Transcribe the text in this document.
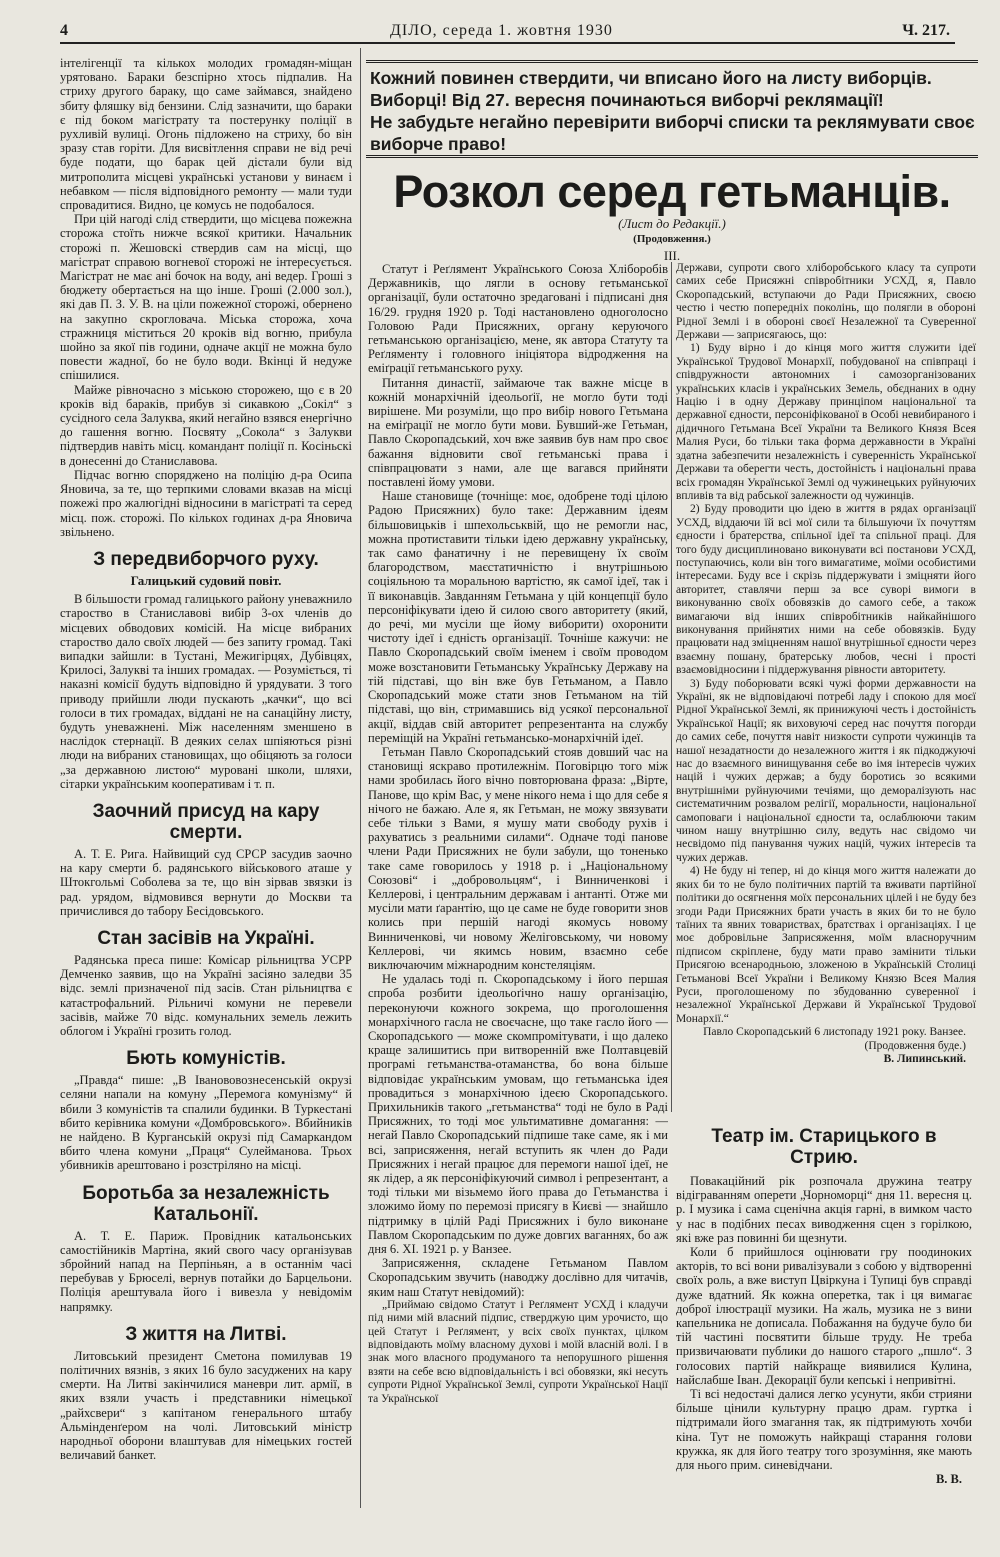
4	ДІЛО, середа 1. жовтня 1930	Ч. 217.

інтелігенції та кількох молодих громадян-міщан урятовано. Бараки безспірно хтось підпалив. На стриху другого бараку, що саме займався, знайдено збиту фляшку від бензини. Слід зазначити, що бараки є під боком магістрату та постерунку поліції в рухливій вулиці. Огонь підложено на стриху, бо він зразу став горіти. Для висвітлення справи не від речі буде подати, що барак цей дістали були від митрополита місцеві українські установи у винаєм і небавком — після відповідного ремонту — мали туди спровадитися. Видно, це комусь не подобалося.

При цій нагоді слід ствердити, що місцева пожежна сторожа стоїть нижче всякої критики. Начальник сторожі п. Жешовскі ствердив сам на місці, що магістрат справою вогневої сторожі не інтересується. Магістрат не має ані бочок на воду, ані ведер. Гроші з бюджету обертається на що інше. Гроші (2.000 зол.), які дав П. З. У. В. на ціли пожежної сторожі, обернено на закупно скрогловача. Міська сторожа, хоча стражниця міститься 20 кроків від вогню, прибула шойно за якої пів години, одначе акції не можна було повести жадної, бо не було води. Вкінці й недуже спішилися.

Майже рівночасно з міською сторожею, що є в 20 кроків від бараків, прибув зі сикавкою „Сокіл“ з сусідного села Залуква, який негайно взявся енергічно до гашення вогню. Посвяту „Сокола“ з Залукви підтвердив навіть місц. командант поліції п. Косіньскі в донесенні до Станиславова.

Підчас вогню споряджено на поліцію д-ра Осипа Яновича, за те, що терпкими словами вказав на місці пожежі про жалюгідні відносини в магістраті та серед місц. пож. сторожі. По кількох годинах д-ра Яновича звільнено.

З передвиборчого руху.
Галицький судовий повіт.

В більшости громад галицького району уневажнило староство в Станиславові вибір 3-ох членів до місцевих обводових комісій. На місце вибраних староство дало своїх людей — без запиту громад. Такі випадки зайшли: в Тустані, Межигірцях, Дубівцях, Крилосі, Залукві та інших громадах. — Розуміється, ті наказні комісії будуть відповідно й урядувати. З того приводу прийшли люди пускають „качки“, що всі голоси в тих громадах, віддані не на санаційну листу, будуть уневажнені. Між населенням зменшено в наслідок стернації. В деяких селах шпіяються різні люди на вибраних становищах, що обіцяють за голоси „за державною листою“ муровані школи, шляхи, сітарки українським кооперативам і т. п.

Заочний присуд на кару смерти.

А. Т. Е. Рига. Найвищий суд СРСР засудив заочно на кару смерти б. радянського військового аташе у Штокгольмі Соболева за те, що він зірвав звязки із рад. урядом, відмовився вернути до Москви та причислився до табору Бесідовського.

Стан засівів на Україні.

Радянська преса пише: Комісар рільництва УСРР Демченко заявив, що на Україні засіяно заледви 35 відс. землі призначеної під засів. Стан рільництва є катастрофальний. Рільничі комуни не перевели засівів, майже 70 відс. комунальних земель лежить облогом і Україні грозить голод.

Бють комуністів.

„Правда“ пише: „В Іванововознесенській окрузі селяни напали на комуну „Перемога комунізму“ й вбили 3 комуністів та спалили будинки. В Туркестані вбито керівника комуни «Домбровського». Вбийників не найдено. В Курганській окрузі під Самаркандом вбито члена комуни „Праця“ Сулейманова. Трьох убивників арештовано і розстріляно на місці.

Боротьба за незалежність Катальонії.

А. Т. Е. Париж. Провідник катальонських самостійників Мартіна, який свого часу організував збройний напад на Перпіньян, а в останнім часі перебував у Брюселі, вернув потайки до Барцельони. Поліція арештувала його і вивезла у невідомім напрямку.

З життя на Литві.

Литовський президент Сметона помилував 19 політичних вязнів, з яких 16 було засуджених на кару смерти. На Литві закінчилися маневри лит. армії, в яких взяли участь і представники німецької „райхсвери“ з капітаном генерального штабу Альмінденґером на чолі. Литовський міністр народньої оборони влаштував для німецьких гостей величавий банкет.

Кожний повинен ствердити, чи вписано його на листу виборців.
Виборці! Від 27. вересня починаються виборчі реклямації!
Не забудьте негайно перевірити виборчі списки та реклямувати своє виборче право!
Розкол серед гетьманців.
(Лист до Редакції.)
(Продовження.)
III.

Статут і Реґлямент Українського Союза Хліборобів Державників, що лягли в основу гетьманської організації, були остаточно зредаговані і підписані дня 16/29. грудня 1920 р. Тоді настановлено одноголосно Головою Ради Присяжних, органу керуючого гетьманською організацією, мене, як автора Статуту та Реґляменту і головного ініціятора відродження на еміґрації гетьманського руху.

Питання династії, займаюче так важне місце в кожній монархічній ідеольоґії, не могло бути тоді вирішене. Ми розуміли, що про вибір нового Гетьмана на еміґрації не могло бути мови. Бувший-же Гетьман, Павло Скоропадський, хоч вже заявив був нам про своє бажання відновити свої гетьманські права і співпрацювати з нами, але ще вагався прийняти поставлені йому умови.

Наше становище (точніще: моє, одобрене тоді цілою Радою Присяжних) було таке: Державним ідеям більшовицьків і шпехольськвій, що не ремогли нас, можна протиставити тільки ідею державну українську, так само фанатичну і не перевищену їх своїм благородством, маєстатичністю і внутрішньою соціяльною та моральною вартістю, як самої ідеї, так і її виконавців. Завданням Гетьмана у цій концепції було персоніфікувати ідею й силою свого авторитету (який, до речі, ми мусіли ще йому виборити) охоронити чистоту ідеї і єдність організації. Точніше кажучи: не Павло Скоропадський своїм іменем і своїм проводом може возстановити Гетьманську Українську Державу на тій підставі, що він вже був Гетьманом, а Павло Скоропадський може стати знов Гетьманом на тій підставі, що він, стримавшись від усякої персональної акції, віддав свій авторитет репрезентанта на службу переміщій на Україні гетьмансько-монархічній ідеї.

Гетьман Павло Скоропадський стояв довший час на становищі яскраво протилежнім. Поговірцю того між нами зробилась його вічно повторювана фраза: „Вірте, Панове, що крім Вас, у мене нікого нема і що для себе я нічого не бажаю. Але я, як Гетьман, не можу звязувати себе тільки з Вами, я мушу мати свободу рухів і рахуватись з реальними силами“. Одначе тоді панове члени Ради Присяжних не були забули, що тоненько таке саме говорилось у 1918 р. і „Національному Союзові“ і „добровольцям“, і Винниченкові і Келлерові, і центральним державам і антанті. Отже ми мусіли мати ґарантію, що це саме не буде говорити знов колись при першій нагоді якомусь новому Винниченкові, чи новому Желіговському, чи новому Келлерові, чи якимсь новим, взаємно себе виключаючим міжнародним констеляціям.

Не удалась тоді п. Скоропадському і його першая спроба розбити ідеольоґічно нашу організацію, переконуючи кожного зокрема, що проголошення монархічного гасла не своєчасне, що таке гасло його — Скоропадського — може скомпромітувати, і що далеко краще залишитись при витворенній вже Полтавцевій програмі гетьманства-отаманства, бо вона більше відповідає українським умовам, що гетьманська ідея провадиться з монархічною ідеєю Скоропадського. Прихильників такого „гетьманства“ тоді не було в Раді Присяжних, то тоді моє ультимативне домагання: — негай Павло Скоропадський підпише таке саме, як і ми всі, заприсяження, негай вступить як член до Ради Присяжних і негай працює для перемоги нашої ідеї, не як лідер, а як персоніфікуючий символ і репрезентант, а тоді тільки ми візьмемо його права до Гетьманства і зложимо йому по перемозі присягу в Києві — знайшло підтримку в цілій Раді Присяжних і було виконане Павлом Скоропадським по дуже довгих ваганнях, бо аж дня 6. XI. 1921 р. у Ванзее.

Заприсяження, складене Гетьманом Павлом Скоропадським звучить (наводжу дослівно для читачів, яким наш Статут невідомий):

„Приймаю свідомо Статут і Реґлямент УСХД і кладучи під ними мій власний підпис, стверджую цим урочисто, що цей Статут і Реґлямент, у всіх своїх пунктах, цілком відповідають моїму власному духові і моїй власній волі. І в знак мого власного продуманого та непорушного рішення взяти на себе всю відповідальність і всі обовязки, які несуть супроти Рідної Української Землі, супроти Української Нації та Української

Держави, супроти свого хліборобського класу та супроти самих себе Присяжні співробітники УСХД, я, Павло Скоропадський, вступаючи до Ради Присяжних, своєю честю і честю попередніх поколінь, що полягли в обороні Рідної Землі і в обороні своєї Незалежної та Суверенної Держави — заприсягаюсь, що:

1) Буду вірно і до кінця мого життя служити ідеї Української Трудової Монархії, побудованої на співпраці і співдружности автономних і самозорганізованих українських класів і українських Земель, обєднаних в одну Націю і в одну Державу принціпом національної та державної єдности, персоніфікованої в Особі невибираного і дідичного Гетьмана Всеї України та Великого Князя Всея Малия Руси, бо тільки така форма державности в Україні здатна забезпечити незалежність і суверенність Української Держави та оберегти честь, достойність і національні права всіх громадян Української Землі од чужинецьких руйнуючих впливів та від рабської залежности од чужинців.
2) Буду проводити цю ідею в життя в рядах організації УСХД, віддаючи їй всі мої сили та більшуючи їх почуттям єдности і братерства, спільної ідеї та спільної праці. Для того буду дисциплиновано виконувати всі постанови УСХД, поступаючись, коли він того вимагатиме, моїми особистими інтересами. Буду все і скрізь піддержувати і зміцняти його авторитет, ставлячи перш за все суворі вимоги в виконуванню своїх обовязків до самого себе, а також вимагаючи від інших співробітників найкайнішого виконування прийнятих ними на себе обовязків. Буду працювати над зміцненням нашої внутрішньої єдности через взаємну пошану, братерську любов, чесні і прості взаємовідносини і піддержування рівности авторитету.
3) Буду поборювати всякі чужі форми державности на Україні, як не відповідаючі потребі ладу і спокою для моєї Рідної Української Землі, як принижуючі честь і достойність Української Нації; як виховуючі серед нас почуття погорди до самих себе, почуття навіт низкости супроти чужинців та нашої незадатности до незалежного життя і як підкоджуючі нас до взаємного винищування себе во імя інтересів чужих націй і чужих держав; а буду боротись зо всякими внутрішніми руйнуючими течіями, що деморалізують нас систематичним розвалом релігії, моральности, національної самоповаги і національної єдности та, ослаблюючи таким чином нашу внутрішню силу, ведуть нас свідомо чи несвідомо під панування чужих націй, чужих інтересів та чужих держав.
4) Не буду ні тепер, ні до кінця мого життя належати до яких би то не було політичних партій та вживати партійної політики до осягнення моїх персональних цілей і не буду без згоди Ради Присяжних брати участь в яких би то не було таїних та явних товариствах, братствах і організаціях. І це моє добровільне Заприсяження, моїм власноручним підписом скріплене, буду мати право замінити тільки Присягою всенародньою, зложеною в Українській Столиці Гетьманові Всеї України і Великому Князю Всея Малия Руси, проголошеному по збудованню суверенної і незалежної Української Держави й Української Трудової Монархії.“
Павло Скоропадський 6 листопаду 1921 року. Ванзее.
(Продовження буде.)
В. Липинський.
Театр ім. Старицького в Стрию.

Повакаційний рік розпочала дружина театру відіграванням оперети „Чорноморці“ дня 11. вересня ц. р. І музика і сама сценічна акція гарні, в вимком часто у нас в подібних песах виводження сцен з горілкою, які вже раз повинні би щезнути.

Коли б прийшлося оцінювати гру поодиноких акторів, то всі вони ривалізували з собою у відтворенні своїх роль, а вже виступ Цвіркуна і Тупиці був справді дуже вдатний. Як кожна оперетка, так і ця вимагає доброї ілюстрації музики. На жаль, музика не з вини капельника не дописала. Побажання на будуче було би тій частині посвятити більше труду. Не треба призвичаювати публики до нашого старого „пшло“. З голосових партій найкраще виявилися Кулина, найслабше Іван. Декорації були кепські і непривітні.

Ті всі недостачі далися легко усунути, якби стрияни більше цінили культурну працю драм. гуртка і підтримали його змагання так, як підтримують хочби кіна. Тут не поможуть найкращі старання голови кружка, як для його театру того зрозуміння, яке мають для нього прим. синевідчани.

В. В.
